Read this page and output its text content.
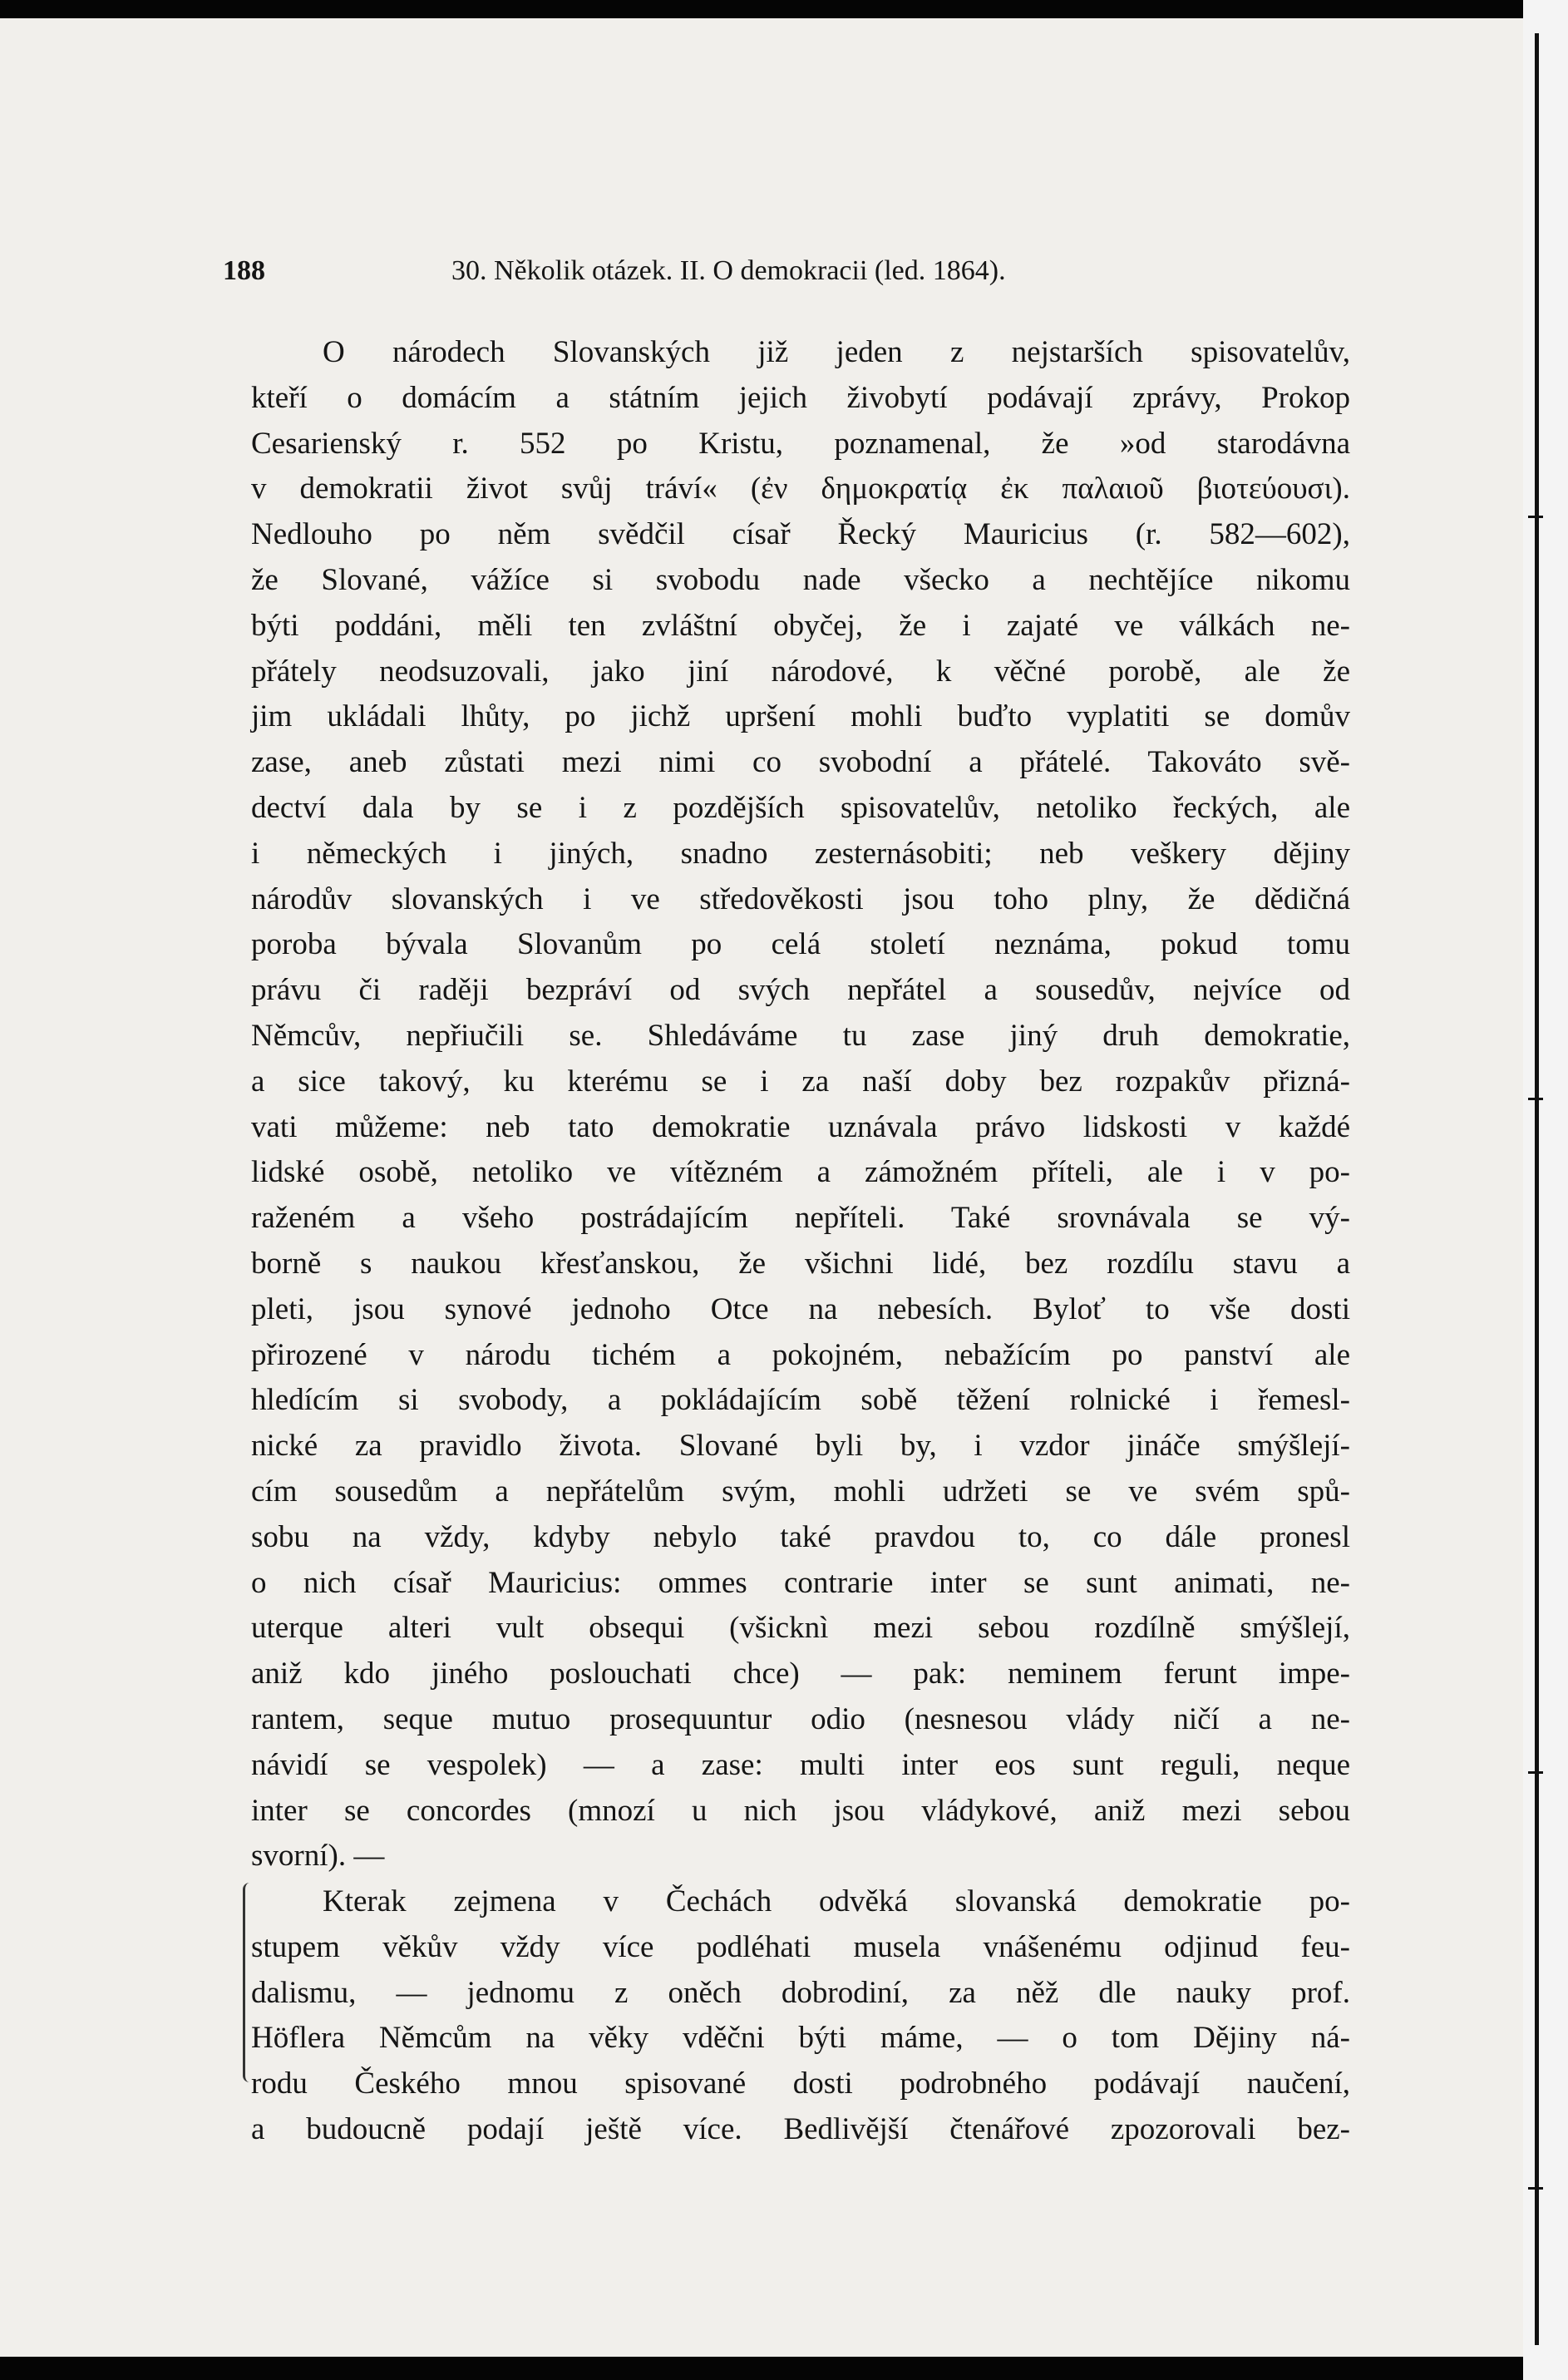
188	30. Několik otázek. II. O demokracii (led. 1864).
O národech Slovanských již jeden z nejstarších spisovatelův,
kteří o domácím a státním jejich živobytí podávají zprávy, Prokop
Cesarienský r. 552 po Kristu, poznamenal, že »od starodávna
v demokratii život svůj tráví« (ἐν δημοκρατίᾳ ἐκ παλαιοῦ βιοτεύουσι).
Nedlouho po něm svědčil císař Řecký Mauricius (r. 582—602),
že Slované, vážíce si svobodu nade všecko a nechtějíce nikomu
býti poddáni, měli ten zvláštní obyčej, že i zajaté ve válkách ne-
přátely neodsuzovali, jako jiní národové, k věčné porobě, ale že
jim ukládali lhůty, po jichž upršení mohli buďto vyplatiti se domův
zase, aneb zůstati mezi nimi co svobodní a přátelé. Takováto svě-
dectví dala by se i z pozdějších spisovatelův, netoliko řeckých, ale
i německých i jiných, snadno zesternásobiti; neb veškery dějiny
národův slovanských i ve středověkosti jsou toho plny, že dědičná
poroba bývala Slovanům po celá století neznáma, pokud tomu
právu či raději bezpráví od svých nepřátel a sousedův, nejvíce od
Němcův, nepřiučili se. Shledáváme tu zase jiný druh demokratie,
a sice takový, ku kterému se i za naší doby bez rozpakův přizná-
vati můžeme: neb tato demokratie uznávala právo lidskosti v každé
lidské osobě, netoliko ve vítězném a zámožném příteli, ale i v po-
raženém a všeho postrádajícím nepříteli. Také srovnávala se vý-
borně s naukou křesťanskou, že všichni lidé, bez rozdílu stavu a
pleti, jsou synové jednoho Otce na nebesích. Byloť to vše dosti
přirozené v národu tichém a pokojném, nebažícím po panství ale
hledícím si svobody, a pokládajícím sobě těžení rolnické i řemesl-
nické za pravidlo života. Slované byli by, i vzdor jináče smýšlejí-
cím sousedům a nepřátelům svým, mohli udržeti se ve svém spů-
sobu na vždy, kdyby nebylo také pravdou to, co dále pronesl
o nich císař Mauricius: ommes contrarie inter se sunt animati, ne-
uterque alteri vult obsequi (všicknì mezi sebou rozdílně smýšlejí,
aniž kdo jiného poslouchati chce) — pak: neminem ferunt impe-
rantem, seque mutuo prosequuntur odio (nesnesou vlády ničí a ne-
návidí se vespolek) — a zase: multi inter eos sunt reguli, neque
inter se concordes (mnozí u nich jsou vládykové, aniž mezi sebou
svorní). —
Kterak zejmena v Čechách odvěká slovanská demokratie po-
stupem věkův vždy více podléhati musela vnášenému odjinud feu-
dalismu, — jednomu z oněch dobrodiní, za něž dle nauky prof.
Höflera Němcům na věky vděčni býti máme, — o tom Dějiny ná-
rodu Českého mnou spisované dosti podrobného podávají naučení,
a budoucně podají ještě více. Bedlivější čtenářové zpozorovali bez-
